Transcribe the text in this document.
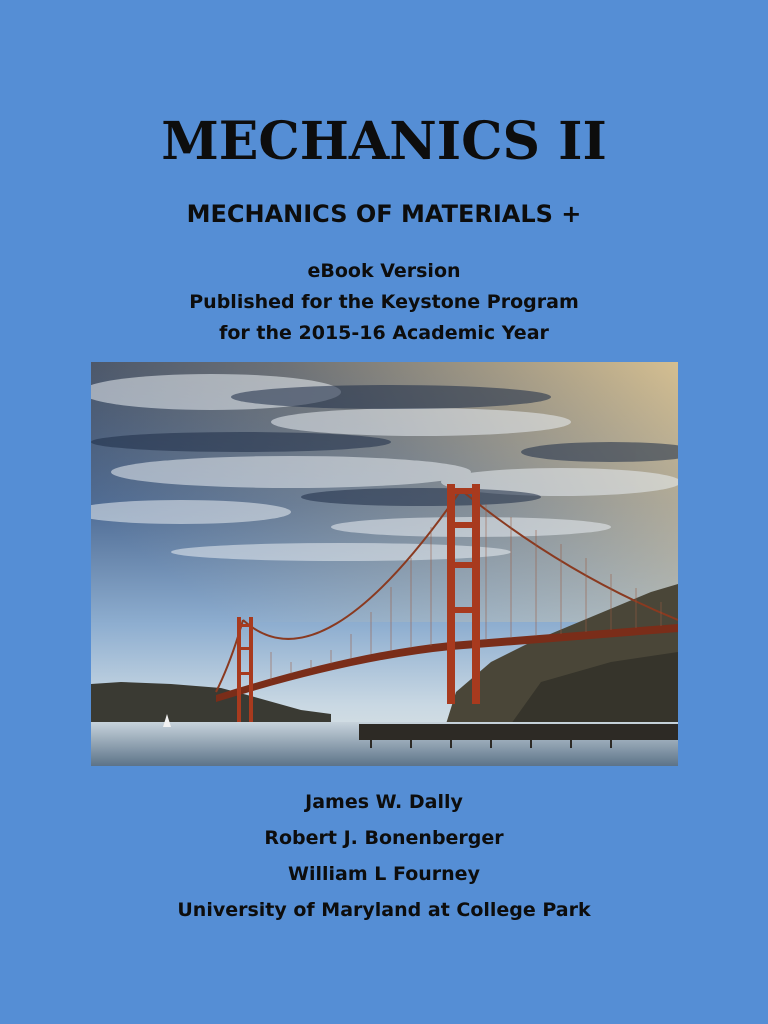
MECHANICS II
MECHANICS OF MATERIALS +
eBook Version
Published for the Keystone Program
for the 2015-16 Academic Year
James W. Dally
Robert J. Bonenberger
William L Fourney
University of Maryland at College Park
